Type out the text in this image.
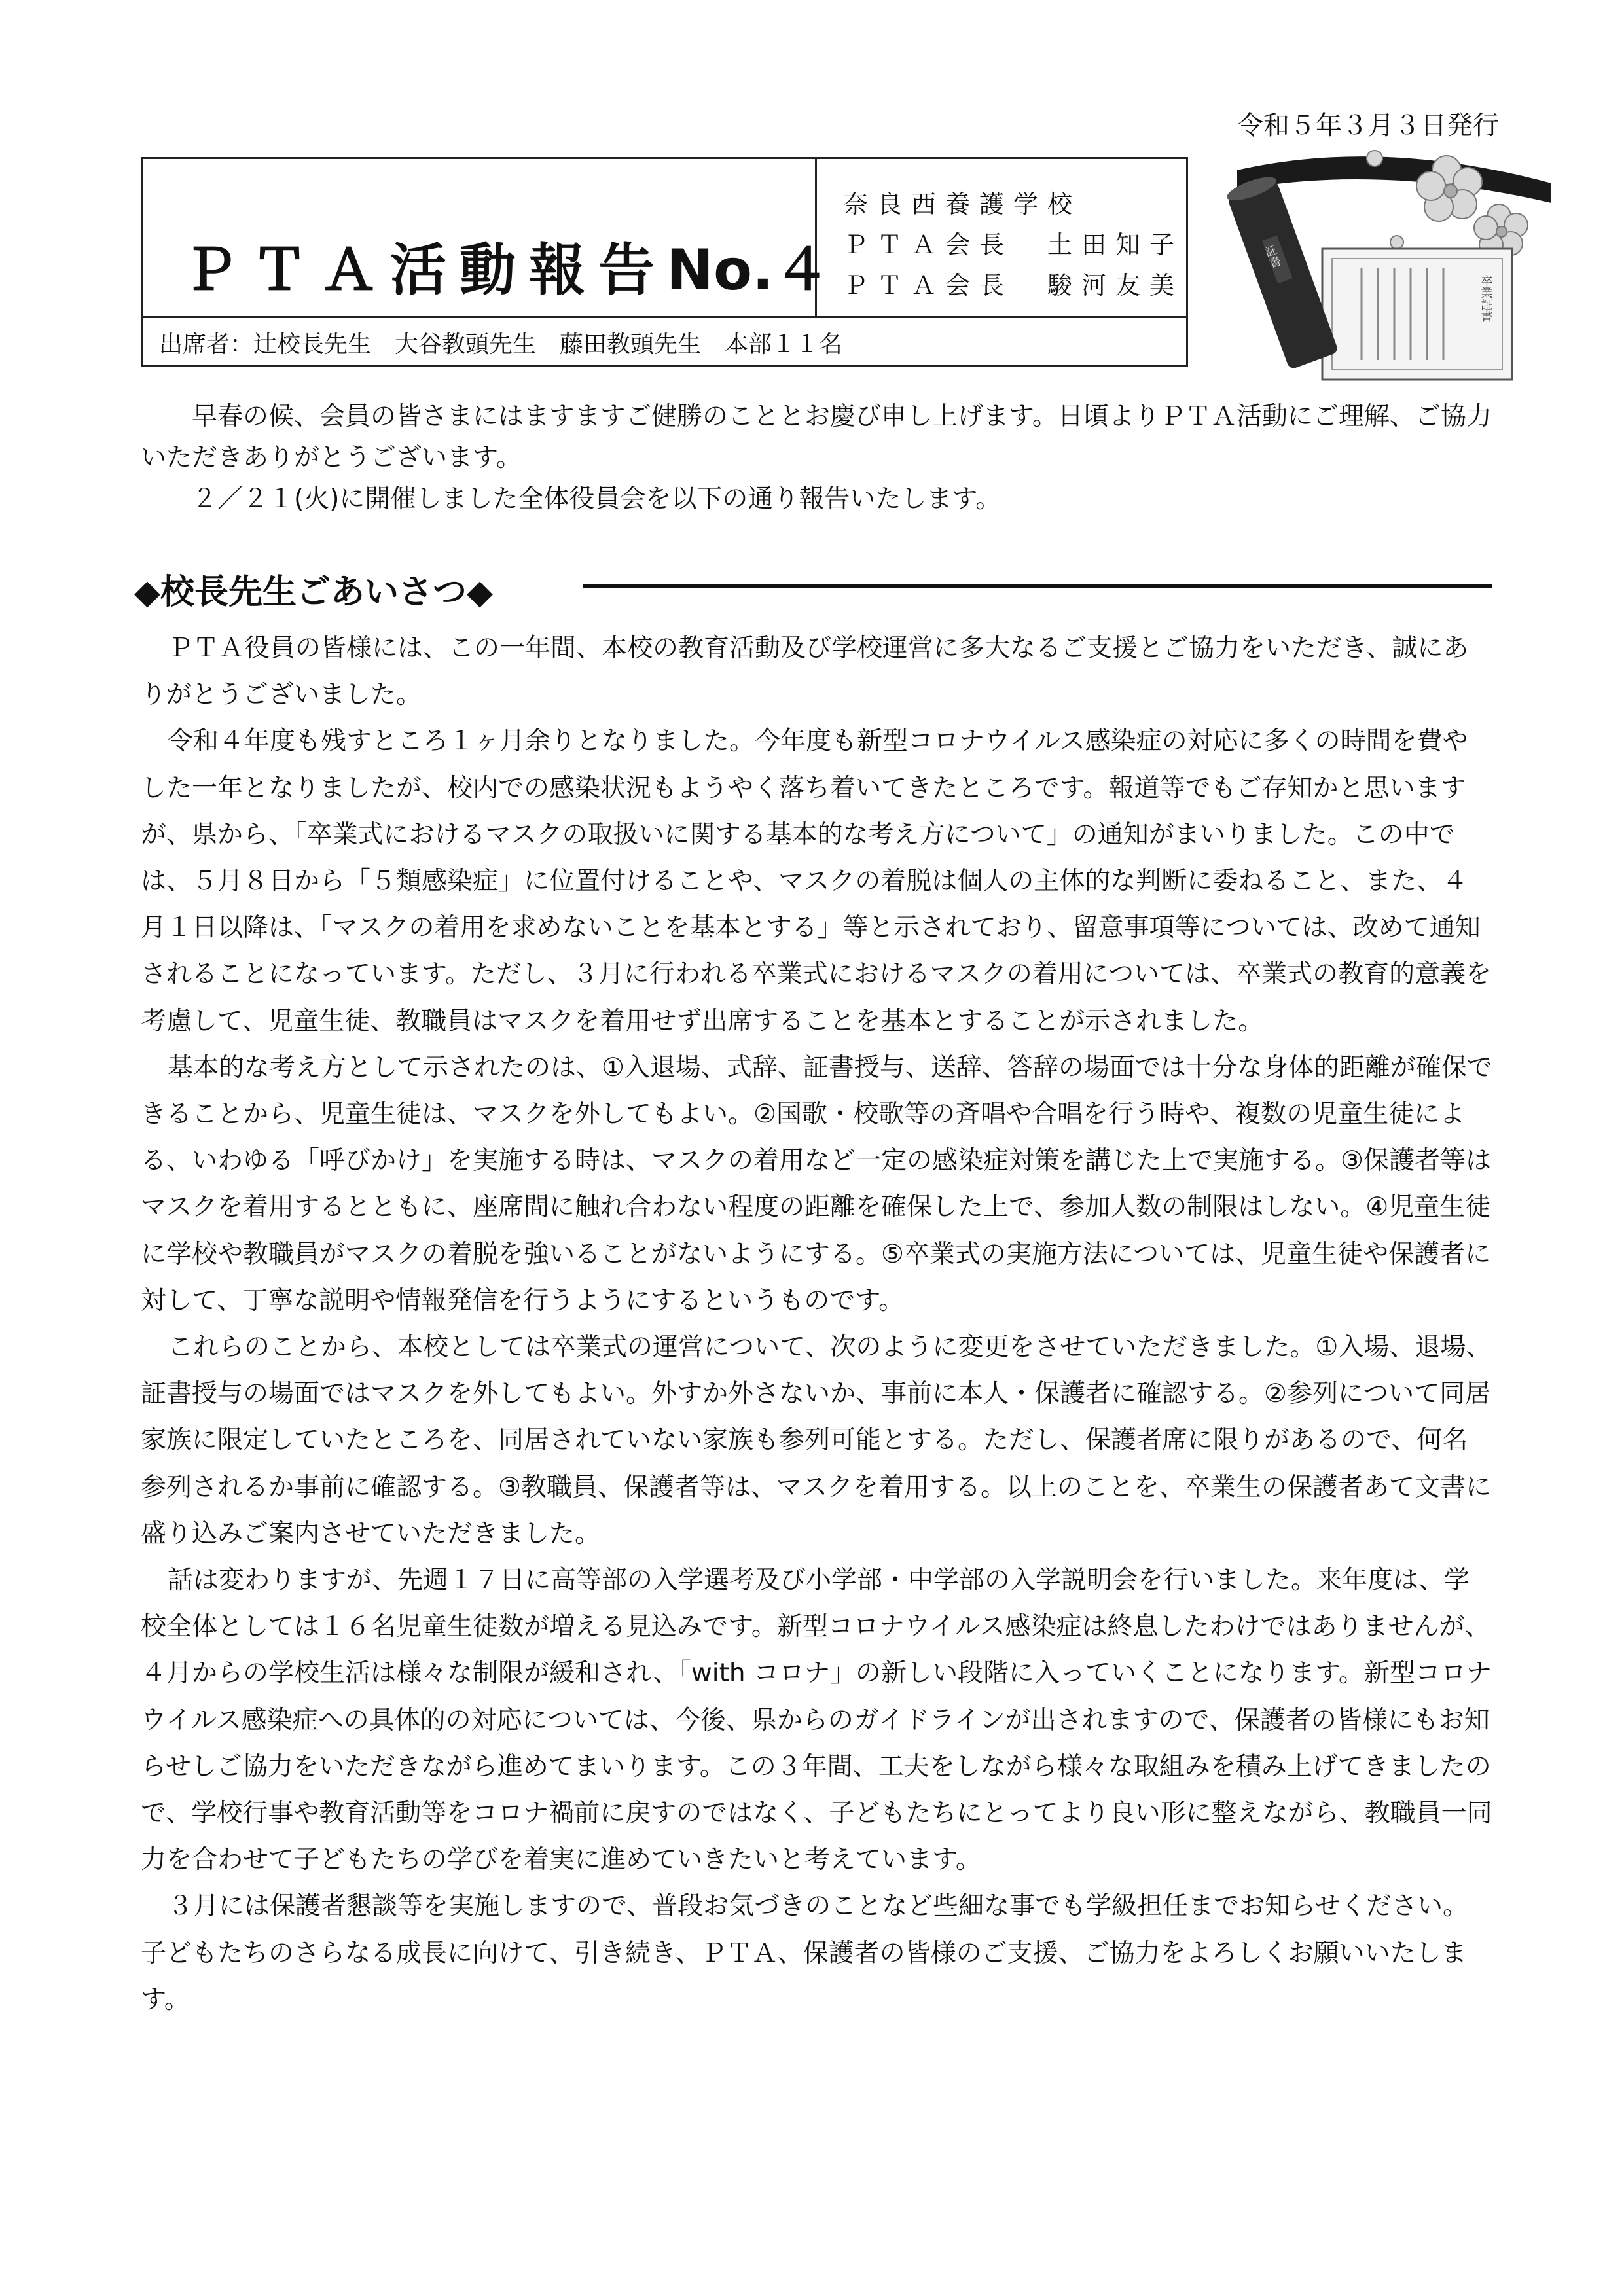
令和５年３月３日発行
ＰＴＡ活動報告
No.４
奈良西養護学校
ＰＴＡ会長　土田知子
ＰＴＡ会長　駿河友美
出席者：辻校長先生　大谷教頭先生　藤田教頭先生　本部１１名
卒業証書
証書
早春の候、会員の皆さまにはますますご健勝のこととお慶び申し上げます。日頃よりＰＴＡ活動にご理解、ご協力いただきありがとうございます。
２／２１(火)に開催しました全体役員会を以下の通り報告いたします。
◆校長先生ごあいさつ◆

ＰＴＡ役員の皆様には、この一年間、本校の教育活動及び学校運営に多大なるご支援とご協力をいただき、誠にありがとうございました。

令和４年度も残すところ１ヶ月余りとなりました。今年度も新型コロナウイルス感染症の対応に多くの時間を費やした一年となりましたが、校内での感染状況もようやく落ち着いてきたところです。報道等でもご存知かと思いますが、県から、「卒業式におけるマスクの取扱いに関する基本的な考え方について」の通知がまいりました。この中では、５月８日から「５類感染症」に位置付けることや、マスクの着脱は個人の主体的な判断に委ねること、また、４月１日以降は、「マスクの着用を求めないことを基本とする」等と示されており、留意事項等については、改めて通知されることになっています。ただし、３月に行われる卒業式におけるマスクの着用については、卒業式の教育的意義を考慮して、児童生徒、教職員はマスクを着用せず出席することを基本とすることが示されました。

基本的な考え方として示されたのは、①入退場、式辞、証書授与、送辞、答辞の場面では十分な身体的距離が確保できることから、児童生徒は、マスクを外してもよい。②国歌・校歌等の斉唱や合唱を行う時や、複数の児童生徒による、いわゆる「呼びかけ」を実施する時は、マスクの着用など一定の感染症対策を講じた上で実施する。③保護者等はマスクを着用するとともに、座席間に触れ合わない程度の距離を確保した上で、参加人数の制限はしない。④児童生徒に学校や教職員がマスクの着脱を強いることがないようにする。⑤卒業式の実施方法については、児童生徒や保護者に対して、丁寧な説明や情報発信を行うようにするというものです。

これらのことから、本校としては卒業式の運営について、次のように変更をさせていただきました。①入場、退場、証書授与の場面ではマスクを外してもよい。外すか外さないか、事前に本人・保護者に確認する。②参列について同居家族に限定していたところを、同居されていない家族も参列可能とする。ただし、保護者席に限りがあるので、何名参列されるか事前に確認する。③教職員、保護者等は、マスクを着用する。以上のことを、卒業生の保護者あて文書に盛り込みご案内させていただきました。

話は変わりますが、先週１７日に高等部の入学選考及び小学部・中学部の入学説明会を行いました。来年度は、学校全体としては１６名児童生徒数が増える見込みです。新型コロナウイルス感染症は終息したわけではありませんが、４月からの学校生活は様々な制限が緩和され、「with コロナ」の新しい段階に入っていくことになります。新型コロナウイルス感染症への具体的の対応については、今後、県からのガイドラインが出されますので、保護者の皆様にもお知らせしご協力をいただきながら進めてまいります。この３年間、工夫をしながら様々な取組みを積み上げてきましたので、学校行事や教育活動等をコロナ禍前に戻すのではなく、子どもたちにとってより良い形に整えながら、教職員一同力を合わせて子どもたちの学びを着実に進めていきたいと考えています。

３月には保護者懇談等を実施しますので、普段お気づきのことなど些細な事でも学級担任までお知らせください。子どもたちのさらなる成長に向けて、引き続き、ＰＴＡ、保護者の皆様のご支援、ご協力をよろしくお願いいたします。
